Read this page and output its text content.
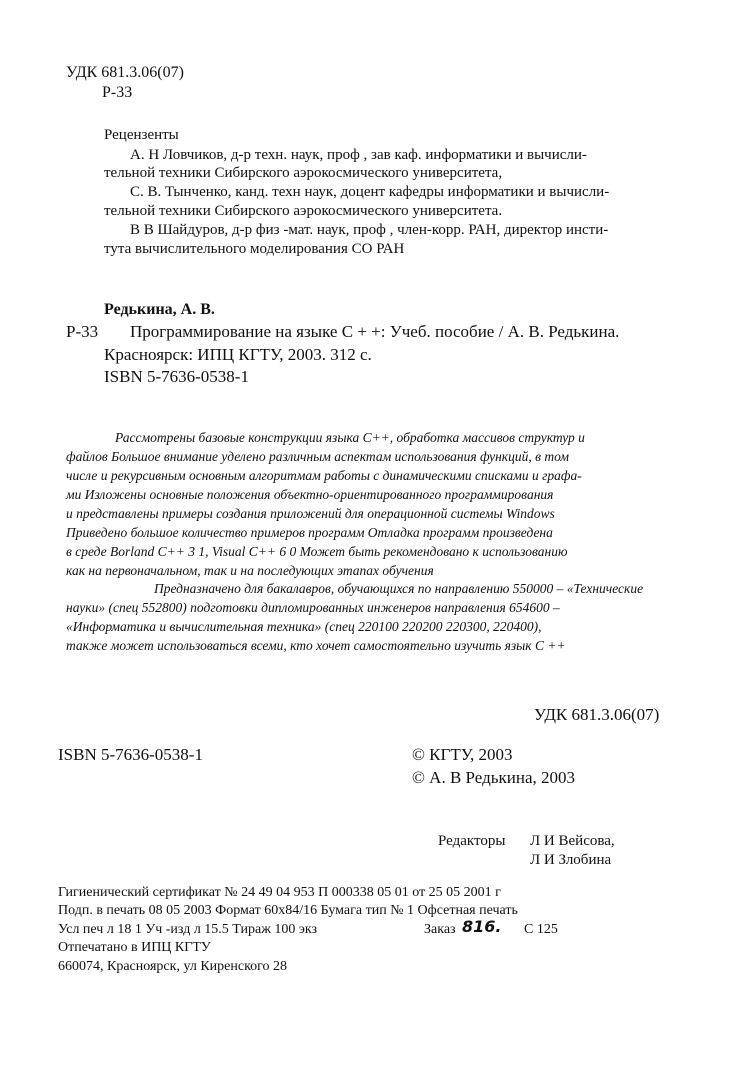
УДК 681.3.06(07)
Р-33
Рецензенты
А. Н Ловчиков, д-р техн. наук, проф , зав каф. информатики и вычисли-
тельной техники Сибирского аэрокосмического университета,
С. В. Тынченко, канд. техн наук, доцент кафедры информатики и вычисли-
тельной техники Сибирского аэрокосмического университета.
В В Шайдуров, д-р физ -мат. наук, проф , член-корр. РАН, директор инсти-
тута вычислительного моделирования СО РАН
Редькина, А. В.
Р-33 Программирование на языке С + +: Учеб. пособие / А. В. Редькина.
Красноярск: ИПЦ КГТУ, 2003. 312 с.
ISBN 5-7636-0538-1
Рассмотрены базовые конструкции языка С++, обработка массивов структур и
файлов Большое внимание уделено различным аспектам использования функций, в том
числе и рекурсивным основным алгоритмам работы с динамическими списками и графа-
ми Изложены основные положения объектно-ориентированного программирования
и представлены примеры создания приложений для операционной системы Windows
Приведено большое количество примеров программ Отладка программ произведена
в среде Borland С++ 3 1, Visual С++ 6 0 Может быть рекомендовано к использованию
как на первоначальном, так и на последующих этапах обучения
Предназначено для бакалавров, обучающихся по направлению 550000 – «Технические
науки» (спец 552800) подготовки дипломированных инженеров направления 654600 –
«Информатика и вычислительная техника» (спец 220100 220200 220300, 220400),
также может использоваться всеми, кто хочет самостоятельно изучить язык С ++
УДК 681.3.06(07)
ISBN 5-7636-0538-1	© КГТУ, 2003
© А. В Редькина, 2003
Редакторы Л И Вейсова,
Л И Злобина
Гигиенический сертификат № 24 49 04 953 П 000338 05 01 от 25 05 2001 г
Подп. в печать 08 05 2003 Формат 60х84/16 Бумага тип № 1 Офсетная печать
Усл печ л 18 1 Уч -изд л 15.5 Тираж 100 экз	Заказ 816. С 125
Отпечатано в ИПЦ КГТУ
660074, Красноярск, ул Киренского 28
